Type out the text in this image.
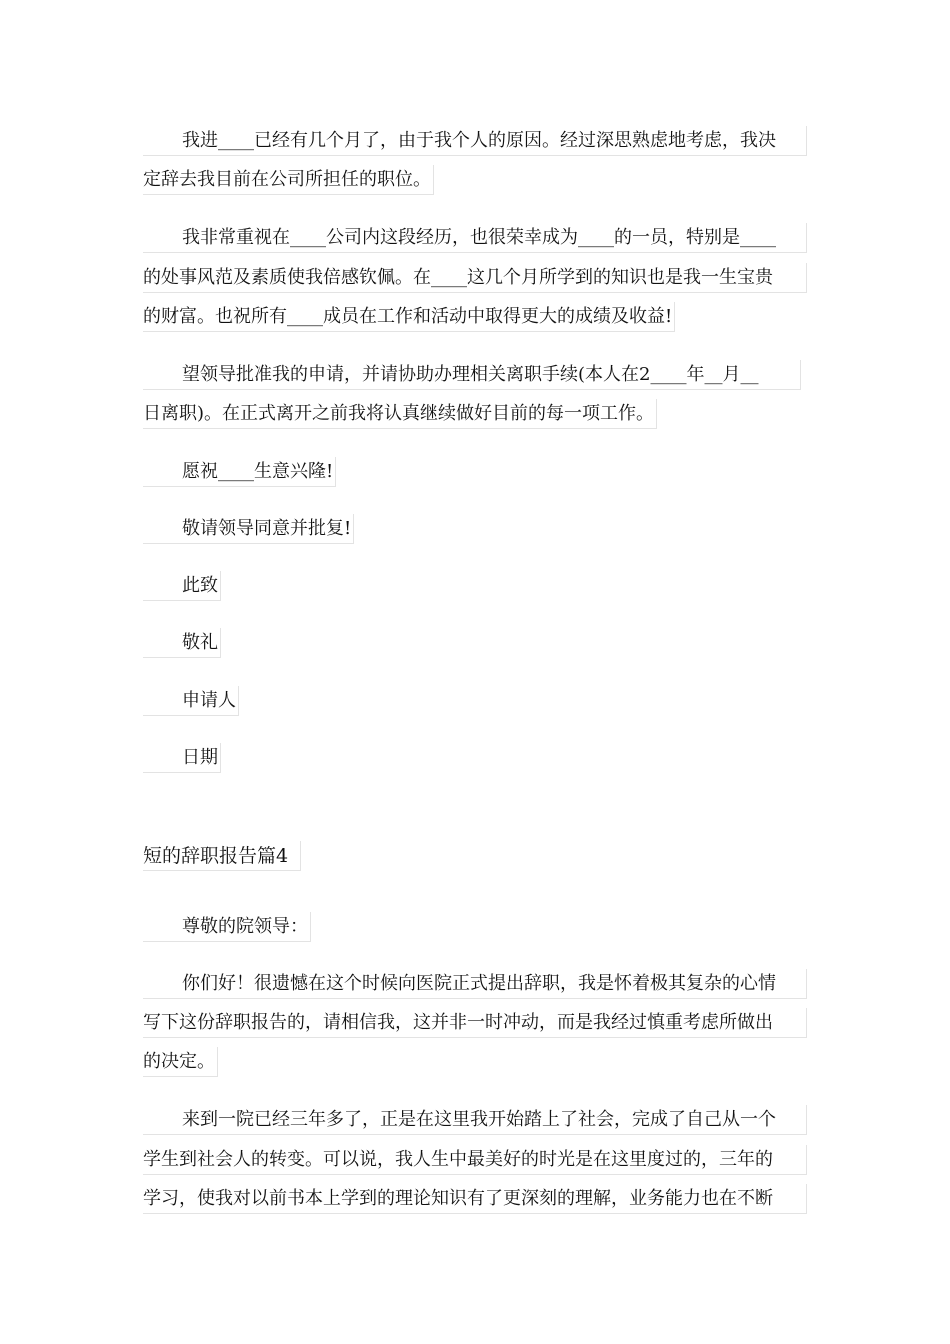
我进____已经有几个月了，由于我个人的原因。经过深思熟虑地考虑，我决
定辞去我目前在公司所担任的职位。
我非常重视在____公司内这段经历，也很荣幸成为____的一员，特别是____
的处事风范及素质使我倍感钦佩。在____这几个月所学到的知识也是我一生宝贵
的财富。也祝所有____成员在工作和活动中取得更大的成绩及收益!
望领导批准我的申请，并请协助办理相关离职手续(本人在2____年__月__
日离职)。在正式离开之前我将认真继续做好目前的每一项工作。
愿祝____生意兴隆!
敬请领导同意并批复!
此致
敬礼
申请人
日期
短的辞职报告篇4
尊敬的院领导：
你们好！很遗憾在这个时候向医院正式提出辞职，我是怀着极其复杂的心情
写下这份辞职报告的，请相信我，这并非一时冲动，而是我经过慎重考虑所做出
的决定。
来到一院已经三年多了，正是在这里我开始踏上了社会，完成了自己从一个
学生到社会人的转变。可以说，我人生中最美好的时光是在这里度过的，三年的
学习，使我对以前书本上学到的理论知识有了更深刻的理解，业务能力也在不断
